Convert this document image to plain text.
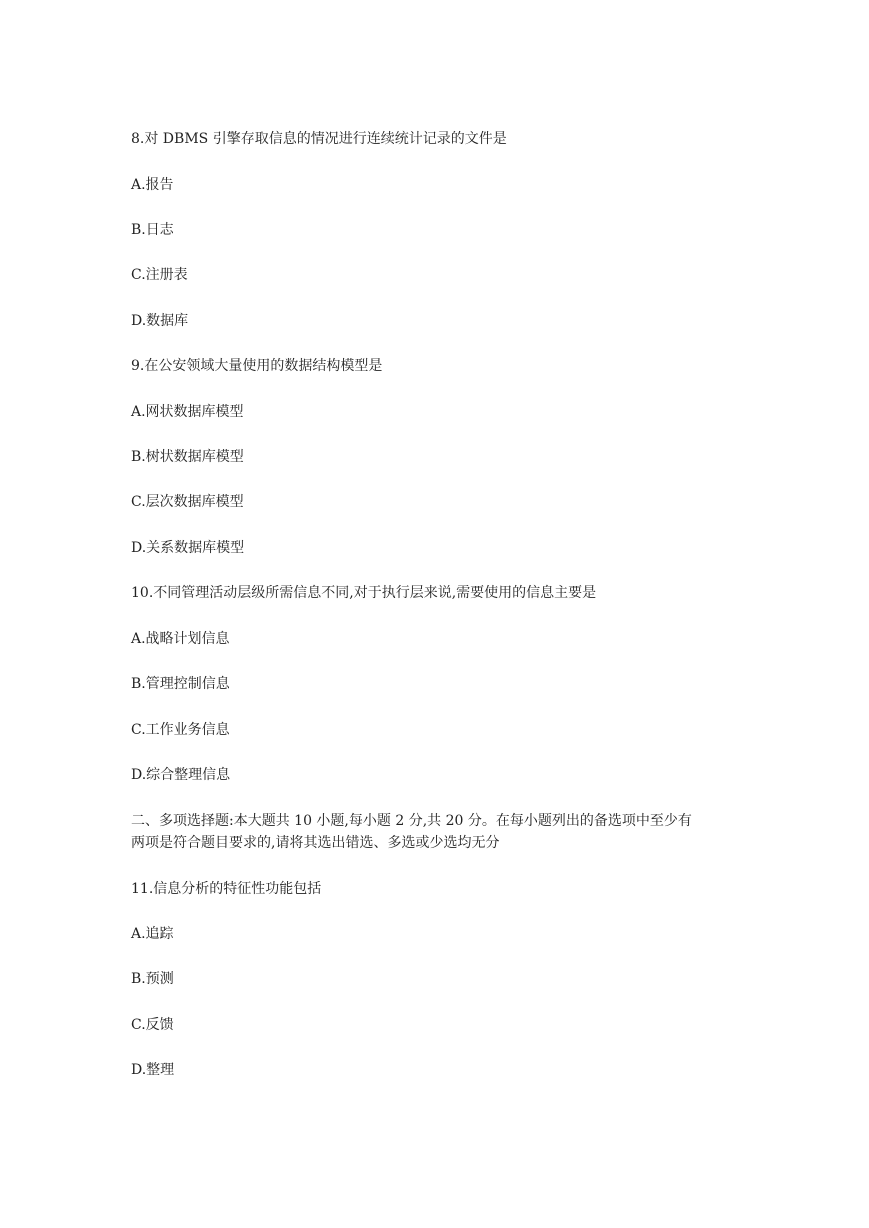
8.对 DBMS 引擎存取信息的情况进行连续统计记录的文件是
A.报告
B.日志
C.注册表
D.数据库
9.在公安领域大量使用的数据结构模型是
A.网状数据库模型
B.树状数据库模型
C.层次数据库模型
D.关系数据库模型
10.不同管理活动层级所需信息不同,对于执行层来说,需要使用的信息主要是
A.战略计划信息
B.管理控制信息
C.工作业务信息
D.综合整理信息
二、多项选择题:本大题共 10 小题,每小题 2 分,共 20 分。在每小题列出的备选项中至少有
两项是符合题目要求的,请将其选出错选、多选或少选均无分
11.信息分析的特征性功能包括
A.追踪
B.预测
C.反馈
D.整理
